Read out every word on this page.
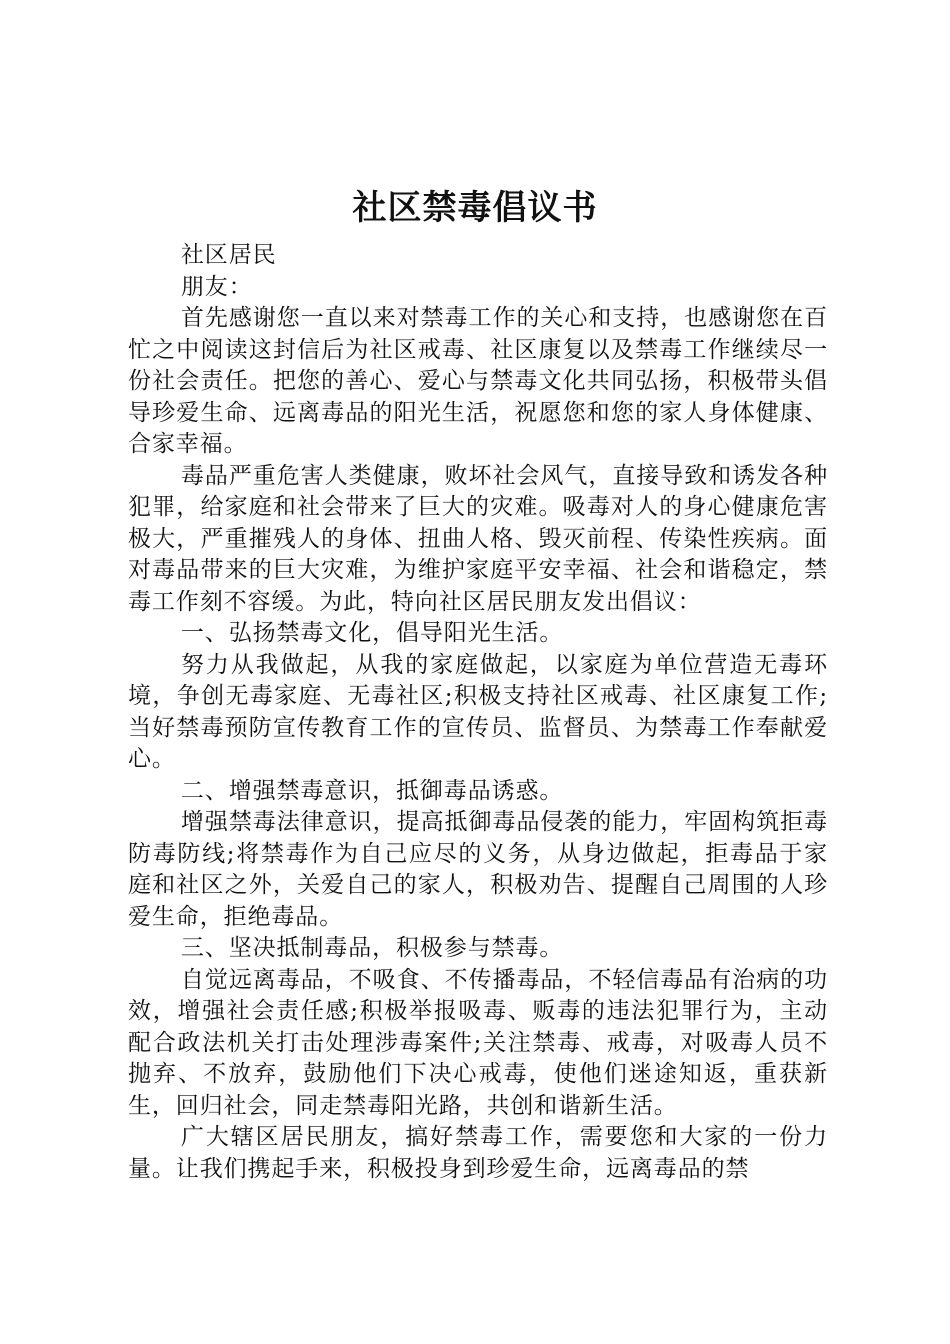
社区禁毒倡议书

社区居民

朋友：

首先感谢您一直以来对禁毒工作的关心和支持，也感谢您在百忙之中阅读这封信后为社区戒毒、社区康复以及禁毒工作继续尽一份社会责任。把您的善心、爱心与禁毒文化共同弘扬，积极带头倡导珍爱生命、远离毒品的阳光生活，祝愿您和您的家人身体健康、合家幸福。

毒品严重危害人类健康，败坏社会风气，直接导致和诱发各种犯罪，给家庭和社会带来了巨大的灾难。吸毒对人的身心健康危害极大，严重摧残人的身体、扭曲人格、毁灭前程、传染性疾病。面对毒品带来的巨大灾难，为维护家庭平安幸福、社会和谐稳定，禁毒工作刻不容缓。为此，特向社区居民朋友发出倡议：

一、弘扬禁毒文化，倡导阳光生活。

努力从我做起，从我的家庭做起，以家庭为单位营造无毒环境，争创无毒家庭、无毒社区;积极支持社区戒毒、社区康复工作;当好禁毒预防宣传教育工作的宣传员、监督员、为禁毒工作奉献爱心。

二、增强禁毒意识，抵御毒品诱惑。

增强禁毒法律意识，提高抵御毒品侵袭的能力，牢固构筑拒毒防毒防线;将禁毒作为自己应尽的义务，从身边做起，拒毒品于家庭和社区之外，关爱自己的家人，积极劝告、提醒自己周围的人珍爱生命，拒绝毒品。

三、坚决抵制毒品，积极参与禁毒。

自觉远离毒品，不吸食、不传播毒品，不轻信毒品有治病的功效，增强社会责任感;积极举报吸毒、贩毒的违法犯罪行为，主动配合政法机关打击处理涉毒案件;关注禁毒、戒毒，对吸毒人员不抛弃、不放弃，鼓励他们下决心戒毒，使他们迷途知返，重获新生，回归社会，同走禁毒阳光路，共创和谐新生活。

广大辖区居民朋友，搞好禁毒工作，需要您和大家的一份力量。让我们携起手来，积极投身到珍爱生命，远离毒品的禁
